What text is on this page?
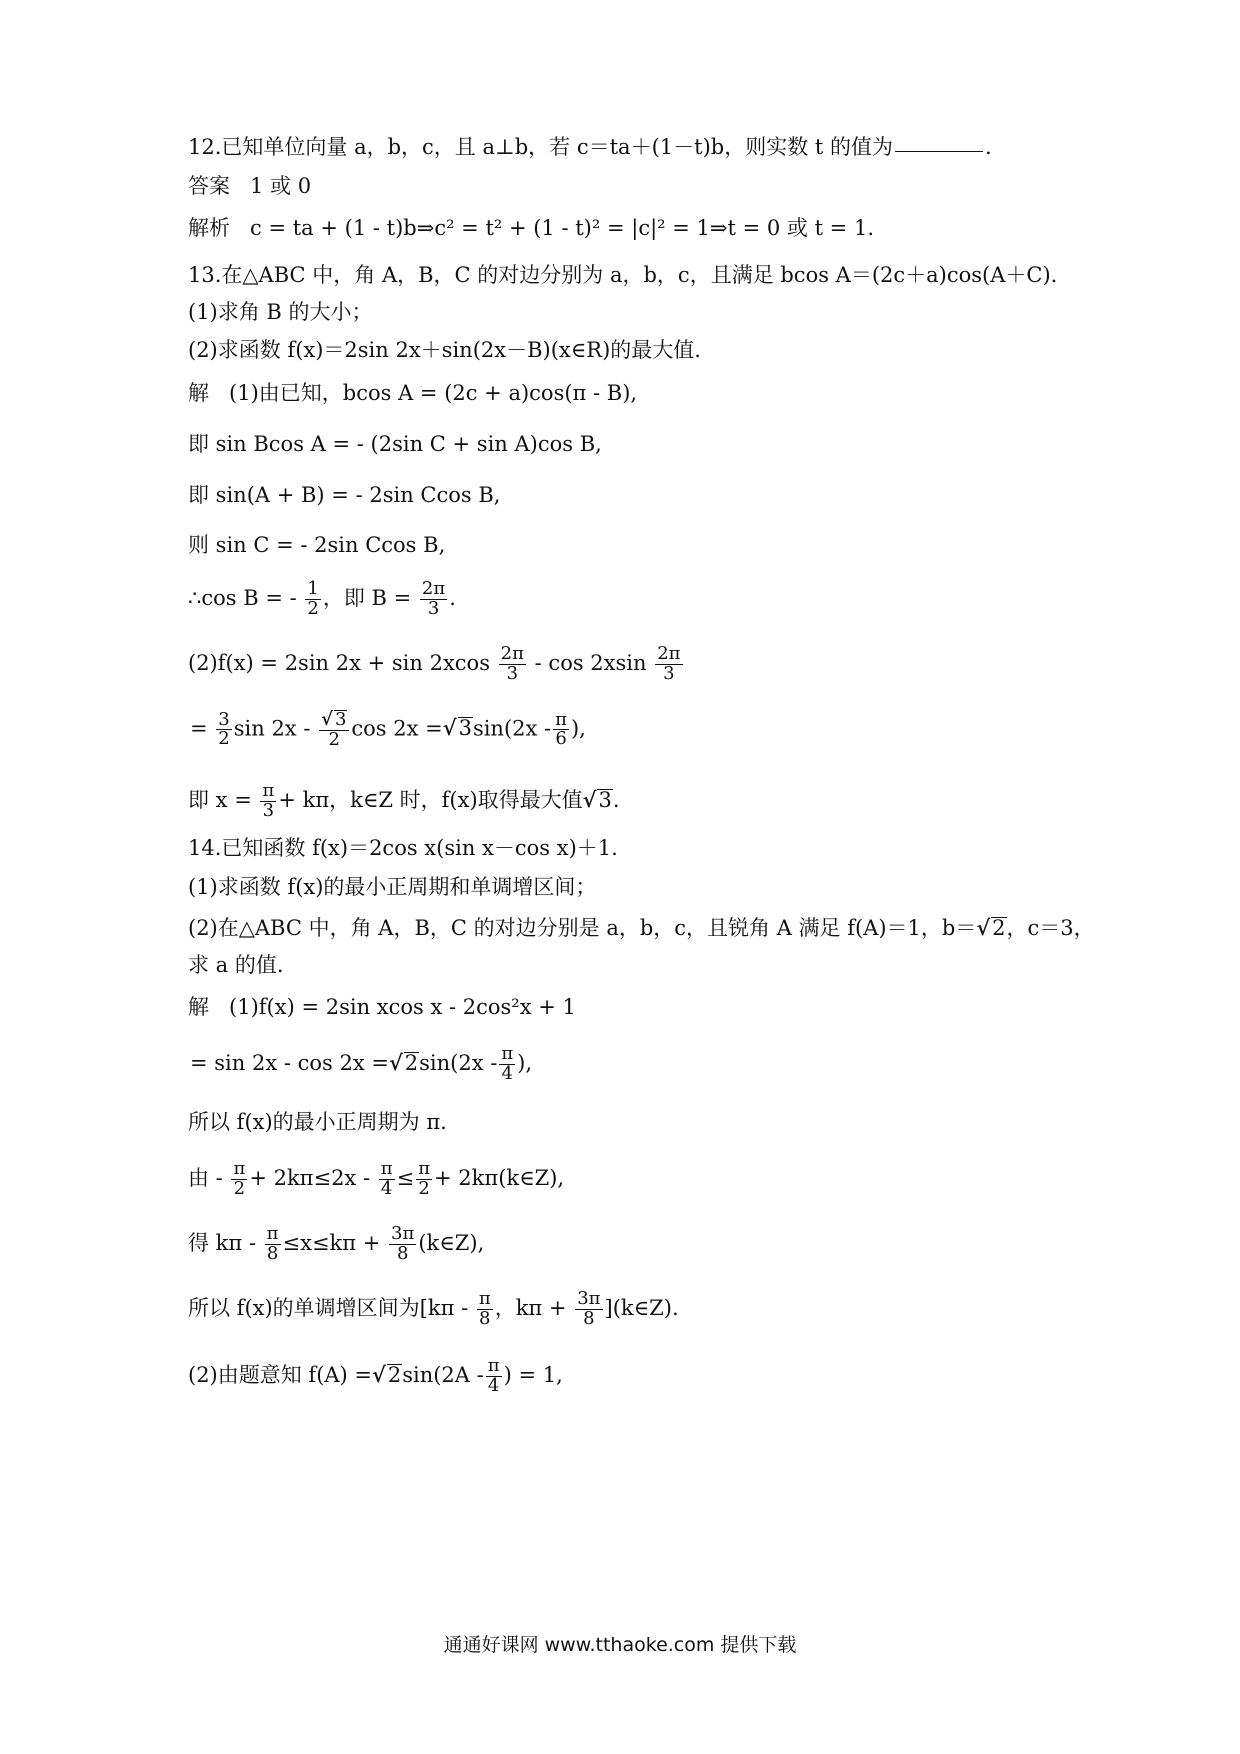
12.已知单位向量 a，b，c，且 a⊥b，若 c＝ta＋(1－t)b，则实数 t 的值为	.
答案 1 或 0
解析 c = ta + (1 - t)b⇒c² = t² + (1 - t)² = |c|² = 1⇒t = 0 或 t = 1.
13.在△ABC 中，角 A，B，C 的对边分别为 a，b，c，且满足 bcos A＝(2c＋a)cos(A＋C).
(1)求角 B 的大小；
(2)求函数 f(x)＝2sin 2x＋sin(2x－B)(x∈R)的最大值.
解 (1)由已知，bcos A = (2c + a)cos(π - B),
即 sin Bcos A = - (2sin C + sin A)cos B,
即 sin(A + B) = - 2sin Ccos B,
则 sin C = - 2sin Ccos B,
∴cos B = - $\frac{1}{2}$ ，即 $B = \frac{2\pi}{3}$ .
(2)f(x) = 2sin $2x + \sin 2xcos \frac{2\pi}{3} - \cos 2xsin \frac{2\pi}{3}$
= $\frac{3}{2}$ sin 2x - √ $\frac{3}{2}$ cos 2x = √ $3\sin(2x - \frac{\pi}{6}$ ),
即 $x = \frac{\pi}{3} + k\pi$，k∈Z 时，f(x)取得最大值 √ 3.
14.已知函数 f(x)＝2cos x(sin x－cos x)＋1.
(1)求函数 f(x)的最小正周期和单调增区间；
(2)在△ABC 中，角 A，B，C 的对边分别是 a，b，c，且锐角 A 满足 f(A)＝1，b＝ √ 2，c＝3，
求 a 的值.
解 (1)f(x) = 2sin xcos x - 2cos²x + 1
= sin 2x - cos 2x = √ $2\sin(2x - \frac{\pi}{4}$ ),
所以 f(x)的最小正周期为 π.
由 - $\frac{\pi}{2} + 2k\pi\le 2x - \frac{\pi}{4} \le \frac{\pi}{2}$ + 2kπ(k∈Z),
得 $k\pi - \frac{\pi}{8} \le x\le k\pi + \frac{3\pi}{8}$ (k∈Z),
所以 f(x)的单调增区间为[$k\pi - \frac{\pi}{8}$ ，$k\pi + \frac{3\pi}{8}$ ](k∈Z).
(2)由题意知 f(A) = √ $2\sin(2A - \frac{\pi}{4}$ ) = 1,
通通好课网 www.tthaoke.com 提供下载
